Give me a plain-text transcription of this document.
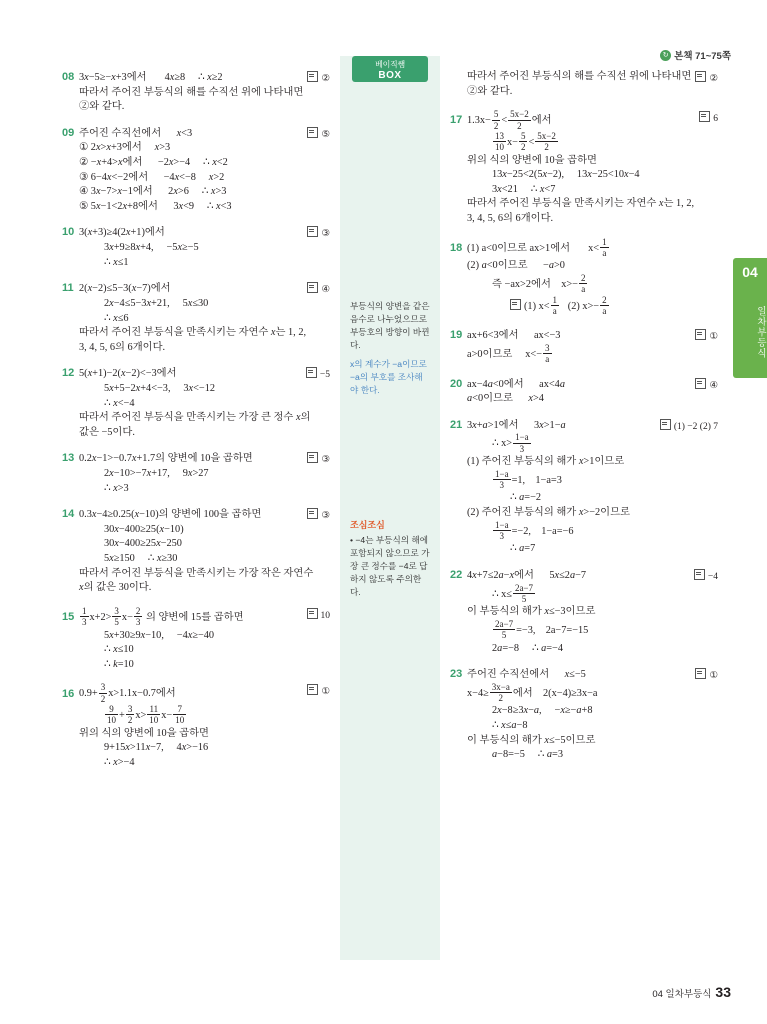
↻ 본책 71~75쪽
04
일차부등식
베이직썜
BOX
부등식의 양변을 같은 음수로 나누었으므로 부등호의 방향이 바뀐다.
x의 계수가 −a이므로 −a의 부호를 조사해야 한다.
조심조심
• −4는 부등식의 해에 포함되지 않으므로 가장 큰 정수를 −4로 답하지 않도록 주의한다.
②
08 3x−5≥−x+3에서       4x≥8     ∴ x≥2
따라서 주어진 부등식의 해를 수직선 위에 나타내면
②와 같다.
⑤
09 주어진 수직선에서      x<3
① 2x>x+3에서     x>3
② −x+4>x에서      −2x>−4     ∴ x<2
③ 6−4x<−2에서      −4x<−8     x>2
④ 3x−7>x−1에서      2x>6     ∴ x>3
⑤ 5x−1<2x+8에서      3x<9     ∴ x<3
③
10 3(x+3)≥4(2x+1)에서
3x+9≥8x+4,     −5x≥−5
∴ x≤1
④
11 2(x−2)≤5−3(x−7)에서
2x−4≤5−3x+21,     5x≤30
∴ x≤6
따라서 주어진 부등식을 만족시키는 자연수 x는 1, 2,
3, 4, 5, 6의 6개이다.
−5
12 5(x+1)−2(x−2)<−3에서
5x+5−2x+4<−3,     3x<−12
∴ x<−4
따라서 주어진 부등식을 만족시키는 가장 큰 정수 x의
값은 −5이다.
③
13 0.2x−1>−0.7x+1.7의 양변에 10을 곱하면
2x−10>−7x+17,     9x>27
∴ x>3
③
14 0.3x−4≥0.25(x−10)의 양변에 100을 곱하면
30x−400≥25(x−10)
30x−400≥25x−250
5x≥150     ∴ x≥30
따라서 주어진 부등식을 만족시키는 가장 작은 자연수
x의 값은 30이다.
10
$15 \frac{1}{3} x+2> \frac{3}{5} x- \frac{2}{3}$ 의 양변에 15를 곱하면
5x+30≥9x−10,     −4x≥−40
∴ x≤10
∴ k=10
①
16 $0.9+ \frac{3}{2} x>1.1x-0.7$에서
$\frac{9}{10} + \frac{3}{2} x> \frac{11}{10} x- \frac{7}{10}$
위의 식의 양변에 10을 곱하면
9+15x>11x−7,     4x>−16
∴ x>−4
②
따라서 주어진 부등식의 해를 수직선 위에 나타내면
②와 같다.
6
17 $1.3x- \frac{5}{2} < \frac{5x-2}{2}$ 에서
$\frac{13}{10} x- \frac{5}{2} < \frac{5x-2}{2}$
위의 식의 양변에 10을 곱하면
13x−25<2(5x−2),     13x−25<10x−4
3x<21     ∴ x<7
따라서 주어진 부등식을 만족시키는 자연수 x는 1, 2,
3, 4, 5, 6의 6개이다.
18 (1) a<0이므로 ax>1에서       $x< \frac{1}{a}$
(2) a<0이므로      −a>0
즉 −ax>2에서    $x>- \frac{2}{a}$
(1) $x< \frac{1}{a} (2)$ $x>- \frac{2}{a}$
①
19 ax+6<3에서      ax<−3
a>0이므로     $x<- \frac{3}{a}$
④
20 ax−4a<0에서      ax<4a
a<0이므로      x>4
(1) −2 (2) 7
21 3x+a>1에서      3x>1−a
∴ $x> \frac{1-a}{3}$
(1) 주어진 부등식의 해가 x>1이므로
$\frac{1-a}{3} =1$,    1−a=3
∴ a=−2
(2) 주어진 부등식의 해가 x>−2이므로
$\frac{1-a}{3} =-2$,    1−a=−6
∴ a=7
−4
22 4x+7≤2a−x에서      5x≤2a−7
∴ $x\le \frac{2a-7}{5}$
이 부등식의 해가 x≤−3이므로
$\frac{2a-7}{5} =-3$,    2a−7=−15
2a=−8     ∴ a=−4
①
23 주어진 수직선에서      x≤−5
$x-4\ge \frac{3x-a}{2}$ 에서    2(x−4)≥3x−a
2x−8≥3x−a,     −x≥−a+8
∴ x≤a−8
이 부등식의 해가 x≤−5이므로
a−8=−5     ∴ a=3
04 일차부등식 33
